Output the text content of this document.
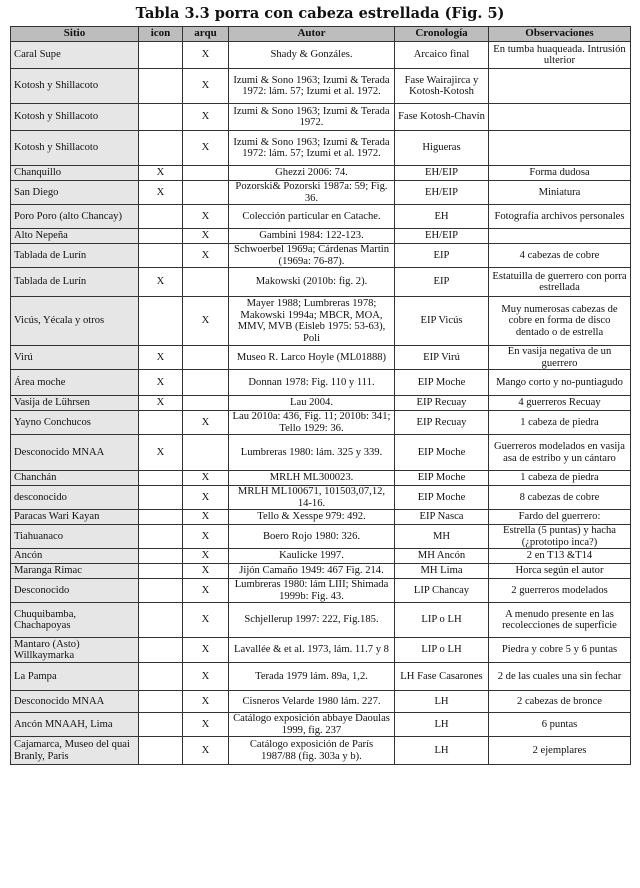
Tabla 3.3 porra con cabeza estrellada (Fig. 5)
Sitio	icon	arqu	Autor	Cronología	Observaciones
Caral Supe		X	Shady & Gonzáles.	Arcaico final	En tumba huaqueada. Intrusión ulterior
Kotosh y Shillacoto		X	Izumi & Sono 1963; Izumi & Terada 1972: lám. 57; Izumi et al. 1972.	Fase Wairajirca y Kotosh-Kotosh	
Kotosh y Shillacoto		X	Izumi & Sono 1963; Izumi & Terada 1972.	Fase Kotosh-Chavín	
Kotosh y Shillacoto		X	Izumi & Sono 1963; Izumi & Terada 1972: lám. 57; Izumi et al. 1972.	Higueras	
Chanquillo	X		Ghezzi 2006: 74.	EH/EIP	Forma dudosa
San Diego	X		Pozorski& Pozorski 1987a: 59; Fig. 36.	EH/EIP	Miniatura
Poro Poro (alto Chancay)		X	Colección particular en Catache.	EH	Fotografía archivos personales
Alto Nepeña		X	Gambini 1984: 122-123.	EH/EIP	
Tablada de Lurín		X	Schwoerbel 1969a; Cárdenas Martin (1969a: 76-87).	EIP	4 cabezas de cobre
Tablada de Lurín	X		Makowski (2010b: fig. 2).	EIP	Estatuilla de guerrero con porra estrellada
Vicús, Yécala y otros		X	Mayer 1988; Lumbreras 1978; Makowski 1994a; MBCR, MOA, MMV, MVB (Eisleb 1975: 53-63), Poli	EIP Vicús	Muy numerosas cabezas de cobre en forma de disco dentado o de estrella
Virú	X		Museo R. Larco Hoyle (ML01888)	EIP Virú	En vasija negativa de un guerrero
Área moche	X		Donnan 1978: Fig. 110 y 111.	EIP Moche	Mango corto y no-puntiagudo
Vasija de Lührsen	X		Lau 2004.	EIP Recuay	4 guerreros Recuay
Yayno Conchucos		X	Lau 2010a: 436, Fig. 11; 2010b: 341; Tello 1929: 36.	EIP Recuay	1 cabeza de piedra
Desconocido MNAA	X		Lumbreras 1980: lám. 325 y 339.	EIP Moche	Guerreros modelados en vasija asa de estribo y un cántaro
Chanchán		X	MRLH ML300023.	EIP Moche	1 cabeza de piedra
desconocido		X	MRLH ML100671, 101503,07,12, 14-16.	EIP Moche	8 cabezas de cobre
Paracas Wari Kayan		X	Tello & Xesspe 979: 492.	EIP Nasca	Fardo del guerrero:
Tiahuanaco		X	Boero Rojo 1980: 326.	MH	Estrella (5 puntas) y hacha (¿prototipo inca?)
Ancón		X	Kaulicke 1997.	MH Ancón	2 en T13 &T14
Maranga Rimac		X	Jijón Camaño 1949: 467 Fig. 214.	MH Lima	Horca según el autor
Desconocido		X	Lumbreras 1980: lám LIII; Shimada 1999b: Fig. 43.	LIP Chancay	2 guerreros modelados
Chuquibamba, Chachapoyas		X	Schjellerup 1997: 222, Fig.185.	LIP o LH	A menudo presente en las recolecciones de superficie
Mantaro (Asto) Willkaymarka		X	Lavallée & et al. 1973, lám. 11.7 y 8	LIP o LH	Piedra y cobre 5 y 6 puntas
La Pampa		X	Terada 1979 lám. 89a, 1,2.	LH Fase Casarones	2 de las cuales una sin fechar
Desconocido MNAA		X	Cisneros Velarde 1980 lám. 227.	LH	2 cabezas de bronce
Ancón MNAAH, Lima		X	Catálogo exposición abbaye Daoulas 1999, fig. 237	LH	6 puntas
Cajamarca, Museo del quai Branly, Paris		X	Catálogo exposición de París 1987/88 (fig. 303a y b).	LH	2 ejemplares
